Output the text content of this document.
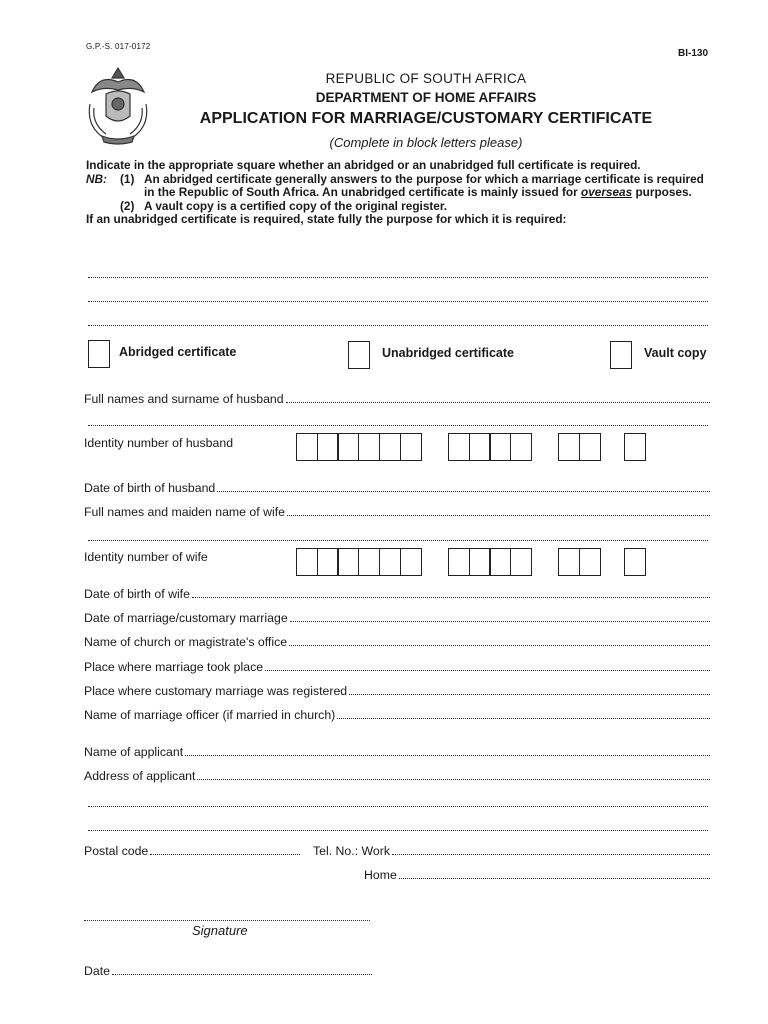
G.P.-S. 017-0172
BI-130
REPUBLIC OF SOUTH AFRICA
DEPARTMENT OF HOME AFFAIRS
APPLICATION FOR MARRIAGE/CUSTOMARY CERTIFICATE
(Complete in block letters please)
Indicate in the appropriate square whether an abridged or an unabridged full certificate is required.
NB:	(1) An abridged certificate generally answers to the purpose for which a marriage certificate is required in the Republic of South Africa. An unabridged certificate is mainly issued for overseas purposes.
(2) A vault copy is a certified copy of the original register.
If an unabridged certificate is required, state fully the purpose for which it is required:
Abridged certificate	Unabridged certificate	Vault copy
Full names and surname of husband
Identity number of husband
Date of birth of husband
Full names and maiden name of wife
Identity number of wife
Date of birth of wife
Date of marriage/customary marriage
Name of church or magistrate's office
Place where marriage took place
Place where customary marriage was registered
Name of marriage officer (if married in church)
Name of applicant
Address of applicant
Postal code	Tel. No.: Work
Home
Signature
Date
